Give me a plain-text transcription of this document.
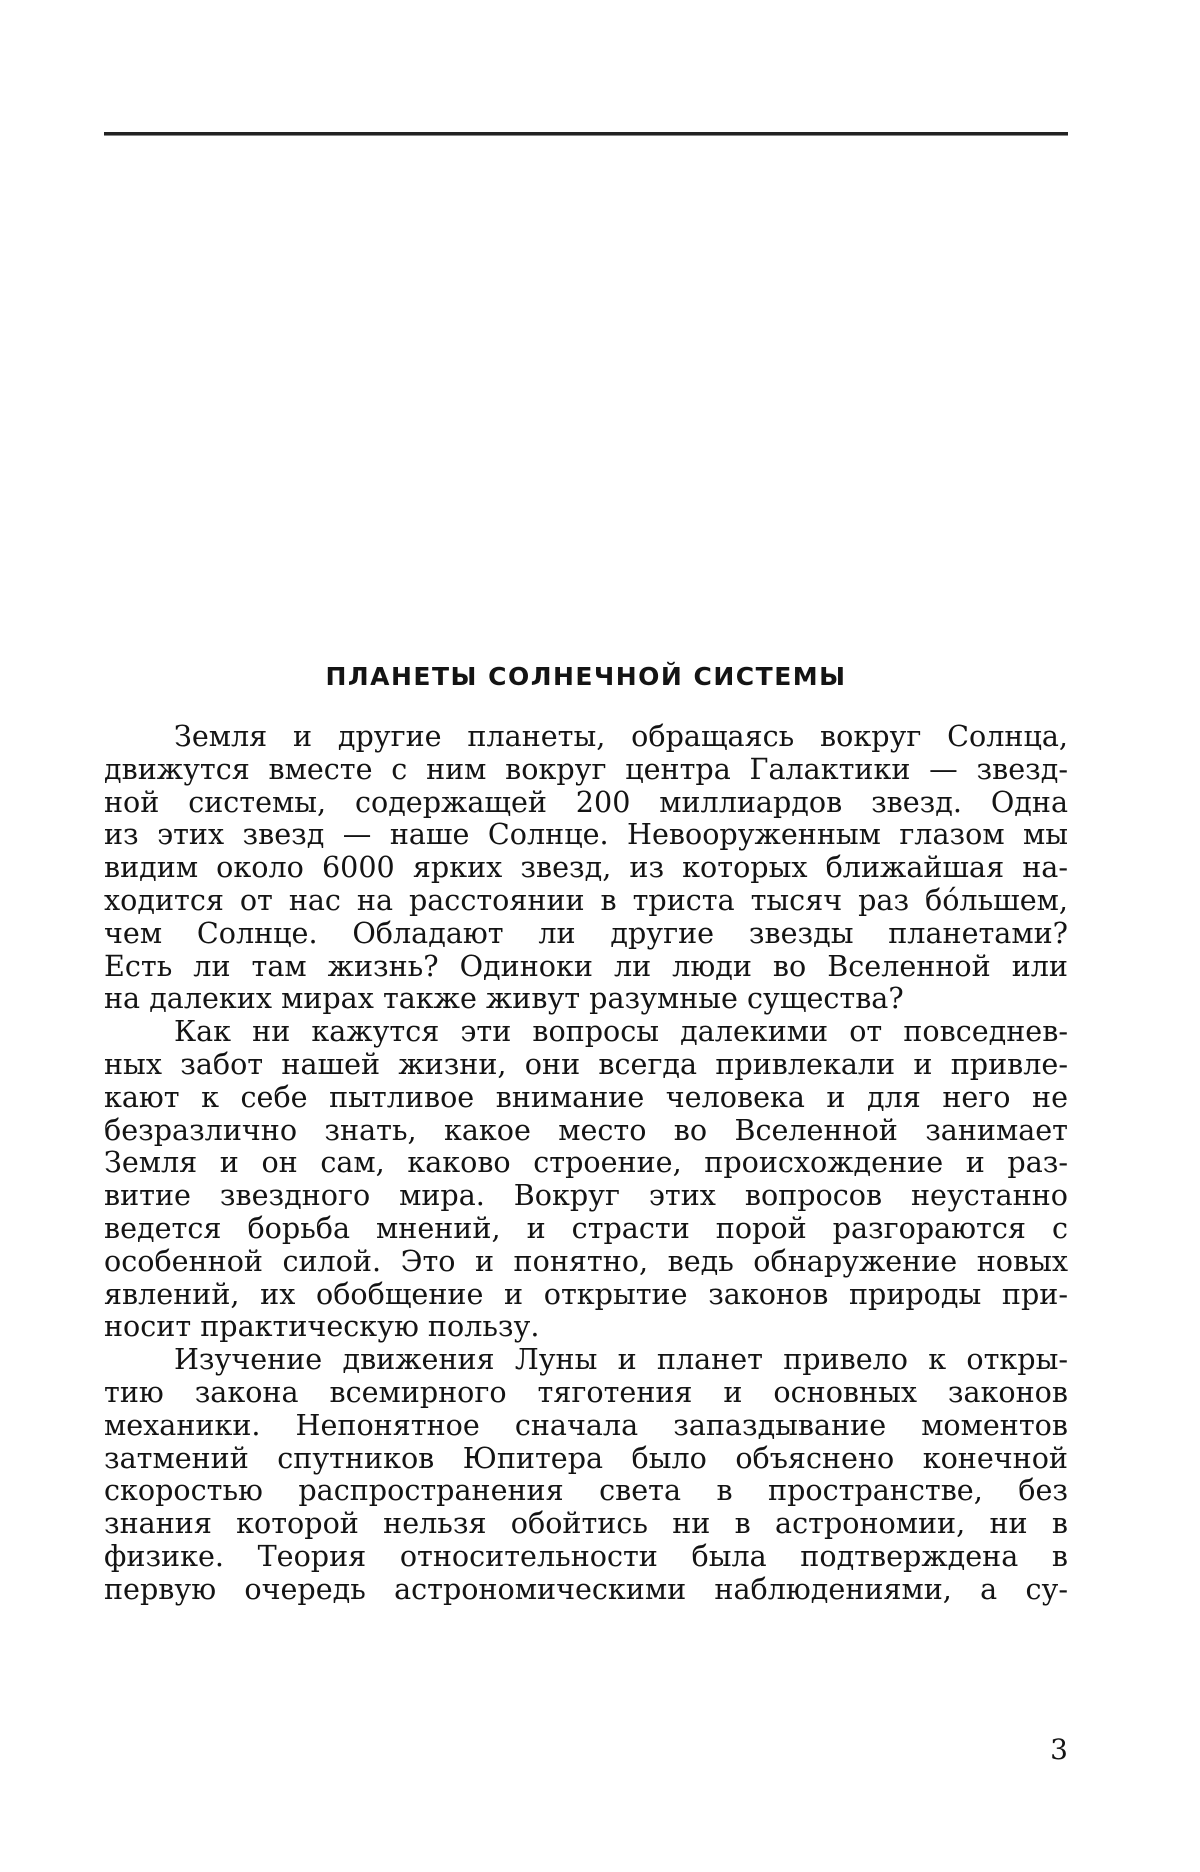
ПЛАНЕТЫ СОЛНЕЧНОЙ СИСТЕМЫ

Земля и другие планеты, обращаясь вокруг Солнца,
движутся вместе с ним вокруг центра Галактики — звезд-
ной системы, содержащей 200 миллиардов звезд. Одна
из этих звезд — наше Солнце. Невооруженным глазом мы
видим около 6000 ярких звезд, из которых ближайшая на-
ходится от нас на расстоянии в триста тысяч раз бо́льшем,
чем Солнце. Обладают ли другие звезды планетами?
Есть ли там жизнь? Одиноки ли люди во Вселенной или
на далеких мирах также живут разумные существа?

Как ни кажутся эти вопросы далекими от повседнев-
ных забот нашей жизни, они всегда привлекали и привле-
кают к себе пытливое внимание человека и для него не
безразлично знать, какое место во Вселенной занимает
Земля и он сам, каково строение, происхождение и раз-
витие звездного мира. Вокруг этих вопросов неустанно
ведется борьба мнений, и страсти порой разгораются с
особенной силой. Это и понятно, ведь обнаружение новых
явлений, их обобщение и открытие законов природы при-
носит практическую пользу.

Изучение движения Луны и планет привело к откры-
тию закона всемирного тяготения и основных законов
механики. Непонятное сначала запаздывание моментов
затмений спутников Юпитера было объяснено конечной
скоростью распространения света в пространстве, без
знания которой нельзя обойтись ни в астрономии, ни в
физике. Теория относительности была подтверждена в
первую очередь астрономическими наблюдениями, а су-

3
